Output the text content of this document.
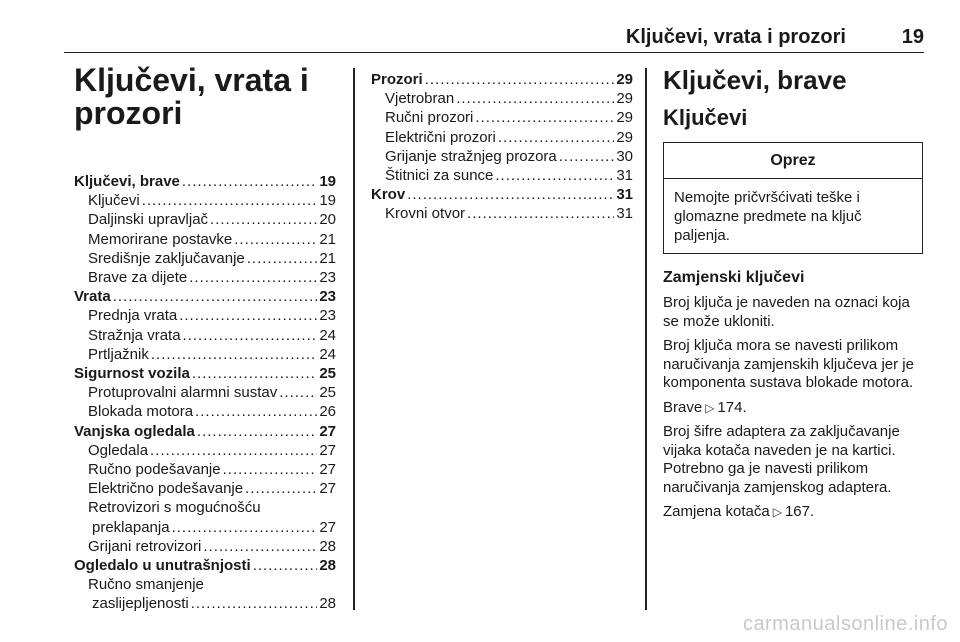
Ključevi, vrata i prozori	19
Ključevi, vrata i
prozori
Ključevi, brave .....	19
Ključevi .....	19
Daljinski upravljač .....	20
Memorirane postavke .....	21
Središnje zaključavanje .....	21
Brave za dijete .....	23
Vrata .....	23
Prednja vrata .....	23
Stražnja vrata .....	24
Prtljažnik .....	24
Sigurnost vozila .....	25
Protuprovalni alarmni sustav .....	25
Blokada motora .....	26
Vanjska ogledala .....	27
Ogledala .....	27
Ručno podešavanje .....	27
Električno podešavanje .....	27
Retrovizori s mogućnošću
preklapanja .....	27
Grijani retrovizori .....	28
Ogledalo u unutrašnjosti .....	28
Ručno smanjenje
zaslijepljenosti .....	28
Prozori .....	29
Vjetrobran .....	29
Ručni prozori .....	29
Električni prozori .....	29
Grijanje stražnjeg prozora .....	30
Štitnici za sunce .....	31
Krov .....	31
Krovni otvor .....	31
Ključevi, brave
Ključevi
Oprez
Nemojte pričvršćivati teške i glomazne predmete na ključ paljenja.
Zamjenski ključevi

Broj ključa je naveden na oznaci koja se može ukloniti.

Broj ključa mora se navesti prilikom naručivanja zamjenskih ključeva jer je komponenta sustava blokade motora.

Brave ▷ 174.

Broj šifre adaptera za zaključavanje vijaka kotača naveden je na kartici. Potrebno ga je navesti prilikom naručivanja zamjenskog adaptera.

Zamjena kotača ▷ 167.

carmanualsonline.info
